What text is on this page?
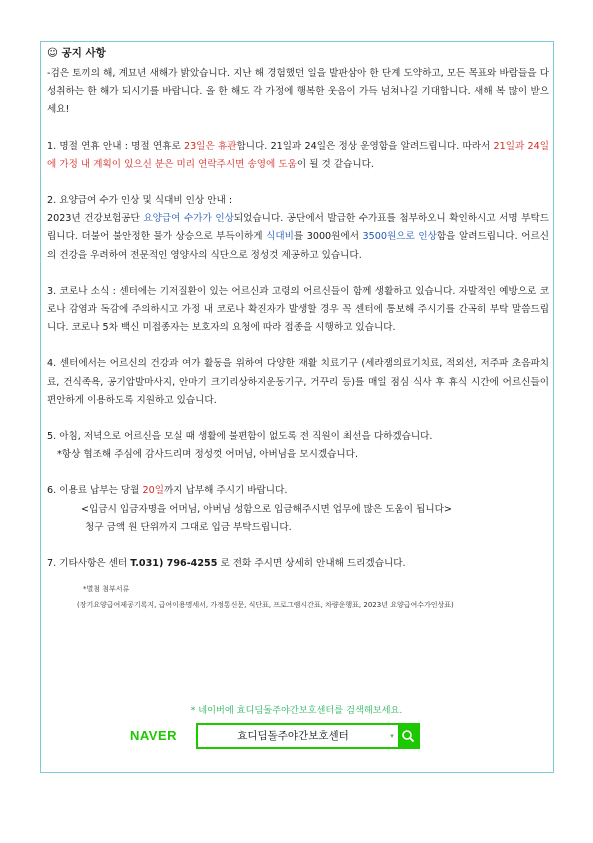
☺ 공지 사항

-검은 토끼의 해, 계묘년 새해가 밝았습니다. 지난 해 경험했던 일을 발판삼아 한 단계 도약하고, 모든 목표와 바람들을 다 성취하는 한 해가 되시기를 바랍니다. 올 한 해도 각 가정에 행복한 웃음이 가득 넘쳐나길 기대합니다. 새해 복 많이 받으세요!

1. 명절 연휴 안내 : 명절 연휴로 23일은 휴관합니다. 21일과 24일은 정상 운영함을 알려드립니다. 따라서 21일과 24일에 가정 내 계획이 있으신 분은 미리 연락주시면 송영에 도움이 될 것 같습니다.

2. 요양급여 수가 인상 및 식대비 인상 안내 :

2023년 건강보험공단 요양급여 수가가 인상되었습니다. 공단에서 발급한 수가표를 첨부하오니 확인하시고 서명 부탁드립니다. 더불어 불안정한 물가 상승으로 부득이하게 식대비를 3000원에서 3500원으로 인상함을 알려드립니다. 어르신의 건강을 우려하여 전문적인 영양사의 식단으로 정성것 제공하고 있습니다.

3. 코로나 소식 : 센터에는 기저질환이 있는 어르신과 고령의 어르신들이 함께 생활하고 있습니다. 자발적인 예방으로 코로나 감염과 독감에 주의하시고 가정 내 코로나 확진자가 발생할 경우 꼭 센터에 통보해 주시기를 간곡히 부탁 말씀드립니다. 코로나 5차 백신 미접종자는 보호자의 요청에 따라 접종을 시행하고 있습니다.

4. 센터에서는 어르신의 건강과 여가 활동을 위하여 다양한 재활 치료기구 (세라잼의료기치료, 적외선, 저주파 초음파치료, 건식족욕, 공기압발마사지, 안마기 크기리상하지운동기구, 거꾸리 등)를 매일 점심 식사 후 휴식 시간에 어르신들이 편안하게 이용하도록 지원하고 있습니다.

5. 아침, 저녁으로 어르신을 모실 때 생활에 불편함이 없도록 전 직원이 최선을 다하겠습니다.

*항상 협조해 주심에 감사드리며 정성껏 어머님, 아버님을 모시겠습니다.

6. 이용료 납부는 당월 20일까지 납부해 주시기 바랍니다.

<입금시 입금자명을 어머님, 아버님 성함으로 입금해주시면 업무에 많은 도움이 됩니다>

청구 금액 원 단위까지 그대로 입금 부탁드립니다.

7. 기타사항은 센터 T.031) 796-4255 로 전화 주시면 상세히 안내해 드리겠습니다.

*별첨 첨부서류
(장기요양급여제공기록지, 급여이용명세서, 가정통신문, 식단표, 프로그램시간표, 차량운행표, 2023년 요양급여수가인상표)
* 네이버에 효디딤돌주야간보호센터를 검색해보세요.
NAVER	효디딤돌주야간보호센터	▾
